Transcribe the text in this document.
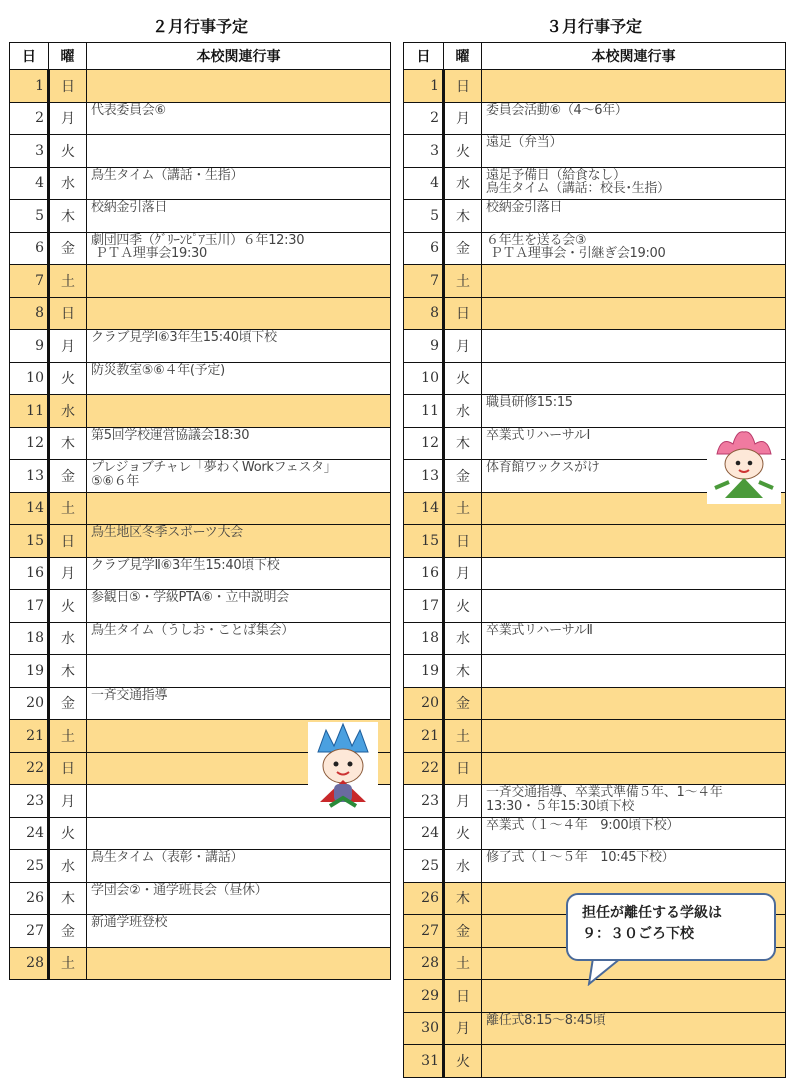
２月行事予定	３月行事予定
日	曜	本校関連行事
1	日	
2	月	代表委員会⑥
3	火	
4	水	鳥生タイム（講話・生指）
5	木	校納金引落日
6	金	劇団四季（ｸﾞﾘｰﾝﾋﾟｱ玉川）６年12:30
ＰＴＡ理事会19:30
7	土	
8	日	
9	月	クラブ見学Ⅰ⑥3年生15:40頃下校
10	火	防災教室⑤⑥４年(予定)
11	水	
12	木	第5回学校運営協議会18:30
13	金	プレジョブチャレ「夢わくWorkフェスタ」
⑤⑥６年
14	土	
15	日	鳥生地区冬季スポーツ大会
16	月	クラブ見学Ⅱ⑥3年生15:40頃下校
17	火	参観日⑤・学級PTA⑥・立中説明会
18	水	鳥生タイム（うしお・ことば集会）
19	木	
20	金	一斉交通指導
21	土	
22	日	
23	月	
24	火	
25	水	鳥生タイム（表彰・講話）
26	木	学団会②・通学班長会（昼休）
27	金	新通学班登校
28	土	
日	曜	本校関連行事
1	日	
2	月	委員会活動⑥（4～6年）
3	火	遠足（弁当）
4	水	遠足予備日（給食なし）
鳥生タイム（講話：校長･生指）
5	木	校納金引落日
6	金	６年生を送る会③
ＰＴＡ理事会・引継ぎ会19:00
7	土	
8	日	
9	月	
10	火	
11	水	職員研修15:15
12	木	卒業式リハーサルⅠ
13	金	体育館ワックスがけ
14	土	
15	日	
16	月	
17	火	
18	水	卒業式リハーサルⅡ
19	木	
20	金	
21	土	
22	日	
23	月	一斉交通指導、卒業式準備５年、1～４年
13:30・５年15:30頃下校
24	火	卒業式（１～４年　9:00頃下校）
25	水	修了式（１～５年　10:45下校）
26	木	
27	金	
28	土	
29	日	
30	月	離任式8:15～8:45頃
31	火	
担任が離任する学級は
９：３０ごろ下校
